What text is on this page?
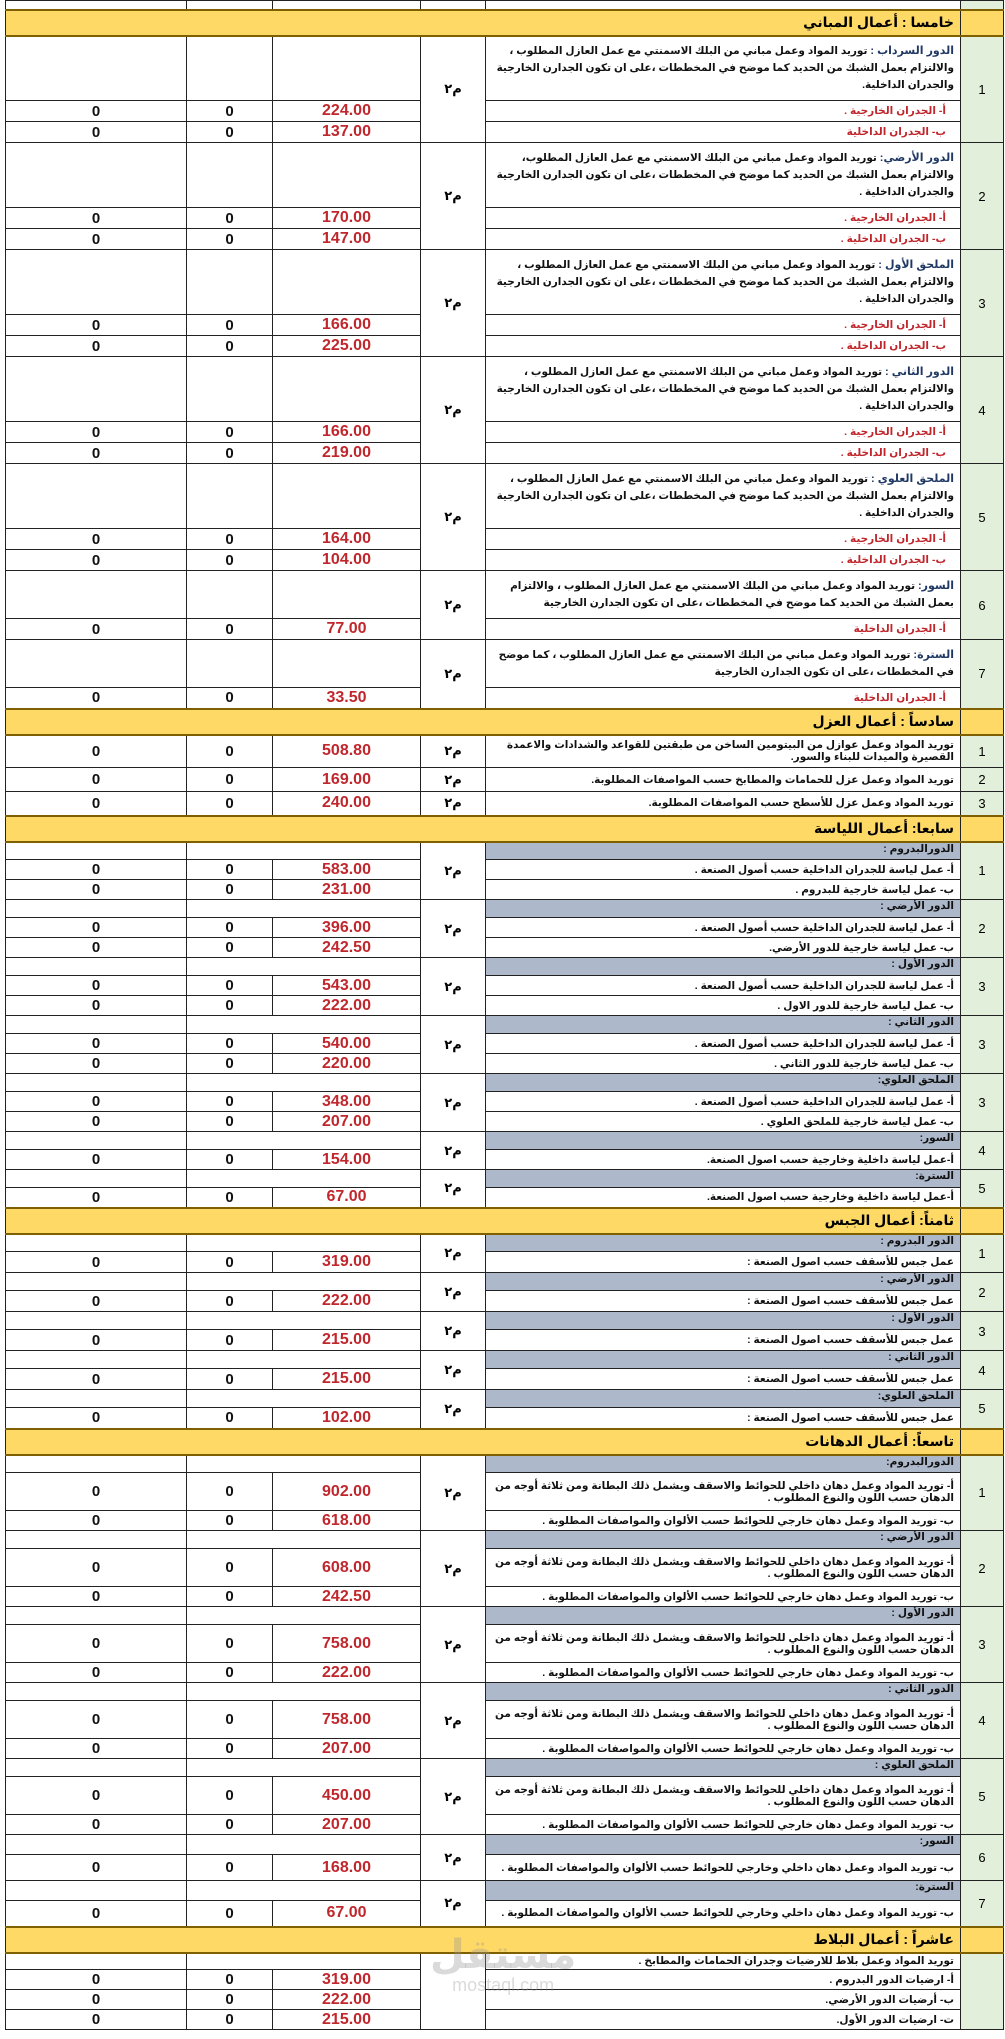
خامسا : أعمال المباني					
			م٢	الدور السرداب : توريد المواد وعمل مباني من البلك الاسمنتي مع عمل العازل المطلوب ، والالتزام بعمل الشبك من الحديد كما موضح في المخططات ،على ان تكون الجدارن الخارجية والجدران الداخلية.	1
0	0	224.00		أ- الجدران الخارجية .	
0	0	137.00		ب- الجدران الداخلية	
			م٢	الدور الأرضي: توريد المواد وعمل مباني من البلك الاسمنتي مع عمل العازل المطلوب، والالتزام بعمل الشبك من الحديد كما موضح في المخططات ،على ان تكون الجدارن الخارجية والجدران الداخلية .	2
0	0	170.00		أ- الجدران الخارجية .	
0	0	147.00		ب- الجدران الداخلية .	
			م٢	الملحق الأول : توريد المواد وعمل مباني من البلك الاسمنتي مع عمل العازل المطلوب ، والالتزام بعمل الشبك من الحديد كما موضح في المخططات ،على ان تكون الجدارن الخارجية والجدران الداخلية .	3
0	0	166.00		أ- الجدران الخارجية .	
0	0	225.00		ب- الجدران الداخلية .	
			م٢	الدور الثاني : توريد المواد وعمل مباني من البلك الاسمنتي مع عمل العازل المطلوب ، والالتزام بعمل الشبك من الحديد كما موضح في المخططات ،على ان تكون الجدارن الخارجية والجدران الداخلية .	4
0	0	166.00		أ- الجدران الخارجية .	
0	0	219.00		ب- الجدران الداخلية .	
			م٢	الملحق العلوي : توريد المواد وعمل مباني من البلك الاسمنتي مع عمل العازل المطلوب ، والالتزام بعمل الشبك من الحديد كما موضح في المخططات ،على ان تكون الجدارن الخارجية والجدران الداخلية .	5
0	0	164.00		أ- الجدران الخارجية .	
0	0	104.00		ب- الجدران الداخلية .	
			م٢	السور: توريد المواد وعمل مباني من البلك الاسمنتي مع عمل العازل المطلوب ، والالتزام بعمل الشبك من الحديد كما موضح في المخططات ،على ان تكون الجدارن الخارجية	6
0	0	77.00		أ- الجدران الداخلية	
			م٢	السترة: توريد المواد وعمل مباني من البلك الاسمنتي مع عمل العازل المطلوب ، كما موضح في المخططات ،على ان تكون الجدارن الخارجية	7
0	0	33.50		أ- الجدران الداخلية	
سادساً : أعمال العزل					
0	0	508.80	م٢	توريد المواد وعمل عوازل من البيتومين الساخن من طبقتين للقواعد والشدادات والاعمدة القصيرة والميدات للبناء والسور.	1
0	0	169.00	م٢	توريد المواد وعمل عزل للحمامات والمطابخ حسب المواصفات المطلوبة.	2
0	0	240.00	م٢	توريد المواد وعمل عزل للأسطح حسب المواصفات المطلوبة.	3
سابعا: أعمال اللياسة					
			م٢	الدورالبدروم :	1
0	0	583.00		أ- عمل لياسة للجدران الداخلية حسب أصول الصنعة .	
0	0	231.00		ب- عمل لياسة خارجية للبدروم .	
			م٢	الدور الأرضي :	2
0	0	396.00		أ- عمل لياسة للجدران الداخلية حسب أصول الصنعة .	
0	0	242.50		ب- عمل لياسة خارجية للدور الأرضي.	
			م٢	الدور الأول :	3
0	0	543.00		أ- عمل لياسة للجدران الداخلية حسب أصول الصنعة .	
0	0	222.00		ب- عمل لياسة خارجية للدور الاول .	
			م٢	الدور الثاني :	3
0	0	540.00		أ- عمل لياسة للجدران الداخلية حسب أصول الصنعة .	
0	0	220.00		ب- عمل لياسة خارجية للدور الثاني .	
			م٢	الملحق العلوي:	3
0	0	348.00		أ- عمل لياسة للجدران الداخلية حسب أصول الصنعة .	
0	0	207.00		ب- عمل لياسة خارجية للملحق العلوي .	
			م٢	السور:	4
0	0	154.00		أ-عمل لياسة داخلية وخارجية حسب اصول الصنعة.	
			م٢	السترة:	5
0	0	67.00		أ-عمل لياسة داخلية وخارجية حسب اصول الصنعة.	
ثامناً: أعمال الجبس					
			م٢	الدور البدروم :	1
0	0	319.00		عمل جبس للأسقف حسب اصول الصنعة :	
			م٢	الدور الأرضي :	2
0	0	222.00		عمل جبس للأسقف حسب اصول الصنعة :	
			م٢	الدور الأول :	3
0	0	215.00		عمل جبس للأسقف حسب اصول الصنعة :	
			م٢	الدور الثاني :	4
0	0	215.00		عمل جبس للأسقف حسب اصول الصنعة :	
			م٢	الملحق العلوي:	5
0	0	102.00		عمل جبس للأسقف حسب اصول الصنعة :	
تاسعاً: أعمال الدهانات					
			م٢	الدورالبدروم:	1
0	0	902.00		أ- توريد المواد وعمل دهان داخلي للحوائط والاسقف ويشمل ذلك البطانة ومن ثلاثة أوجه من الدهان حسب اللون والنوع المطلوب .	
0	0	618.00		ب- توريد المواد وعمل دهان خارجي للحوائط حسب الألوان والمواصفات المطلوبة .	
			م٢	الدور الأرضي :	2
0	0	608.00		أ- توريد المواد وعمل دهان داخلي للحوائط والاسقف ويشمل ذلك البطانة ومن ثلاثة أوجه من الدهان حسب اللون والنوع المطلوب .	
0	0	242.50		ب- توريد المواد وعمل دهان خارجي للحوائط حسب الألوان والمواصفات المطلوبة .	
			م٢	الدور الأول :	3
0	0	758.00		أ- توريد المواد وعمل دهان داخلي للحوائط والاسقف ويشمل ذلك البطانة ومن ثلاثة أوجه من الدهان حسب اللون والنوع المطلوب .	
0	0	222.00		ب- توريد المواد وعمل دهان خارجي للحوائط حسب الألوان والمواصفات المطلوبة .	
			م٢	الدور الثاني :	4
0	0	758.00		أ- توريد المواد وعمل دهان داخلي للحوائط والاسقف ويشمل ذلك البطانة ومن ثلاثة أوجه من الدهان حسب اللون والنوع المطلوب .	
0	0	207.00		ب- توريد المواد وعمل دهان خارجي للحوائط حسب الألوان والمواصفات المطلوبة .	
			م٢	الملحق العلوي :	5
0	0	450.00		أ- توريد المواد وعمل دهان داخلي للحوائط والاسقف ويشمل ذلك البطانة ومن ثلاثة أوجه من الدهان حسب اللون والنوع المطلوب .	
0	0	207.00		ب- توريد المواد وعمل دهان خارجي للحوائط حسب الألوان والمواصفات المطلوبة .	
			م٢	السور:	6
0	0	168.00		ب- توريد المواد وعمل دهان داخلي وخارجي للحوائط حسب الألوان والمواصفات المطلوبة .	
			م٢	السترة:	7
0	0	67.00		ب- توريد المواد وعمل دهان داخلي وخارجي للحوائط حسب الألوان والمواصفات المطلوبة .	
عاشراً : أعمال البلاط					
				توريد المواد وعمل بلاط للارضيات وجدران الحمامات والمطابخ .	
0	0	319.00		أ- ارضيات الدور البدروم .	
0	0	222.00		ب- أرضيات الدور الأرضي.	
0	0	215.00		ت- ارضيات الدور الأول.	
مستقل
mostaql.com
